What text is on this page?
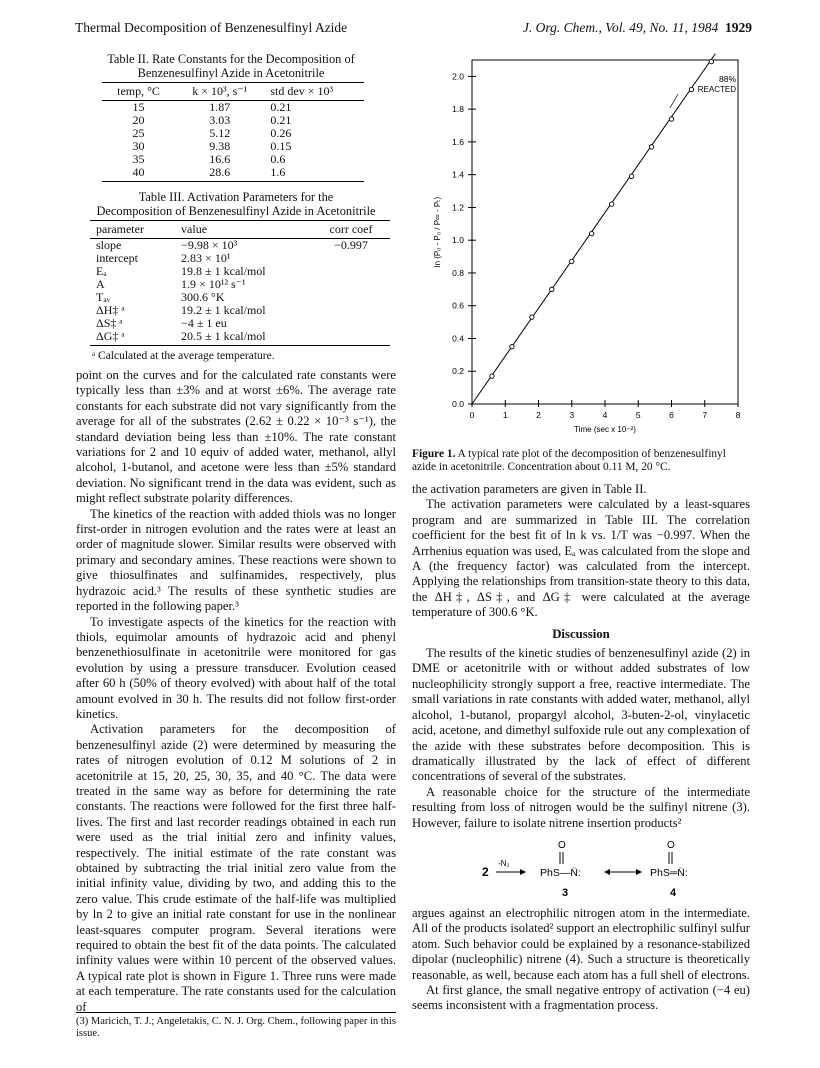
Thermal Decomposition of Benzenesulfinyl Azide	J. Org. Chem., Vol. 49, No. 11, 1984 1929
Table II. Rate Constants for the Decomposition of
Benzenesulfinyl Azide in Acetonitrile
temp, °C	k × 10³, s⁻¹	std dev × 10³
15	1.87	0.21
20	3.03	0.21
25	5.12	0.26
30	9.38	0.15
35	16.6	0.6
40	28.6	1.6
Table III. Activation Parameters for the
Decomposition of Benzenesulfinyl Azide in Acetonitrile
parameter	value	corr coef
slope	−9.98 × 10³	−0.997
intercept	2.83 × 10¹	
Eₐ	19.8 ± 1 kcal/mol	
A	1.9 × 10¹² s⁻¹	
Tₐᵥ	300.6 °K	
ΔH‡ ᵃ	19.2 ± 1 kcal/mol	
ΔS‡ ᵃ	−4 ± 1 eu	
ΔG‡ ᵃ	20.5 ± 1 kcal/mol	
ᵃ Calculated at the average temperature.

point on the curves and for the calculated rate constants were typically less than ±3% and at worst ±6%. The average rate constants for each substrate did not vary significantly from the average for all of the substrates (2.62 ± 0.22 × 10⁻³ s⁻¹), the standard deviation being less than ±10%. The rate constant variations for 2 and 10 equiv of added water, methanol, allyl alcohol, 1-butanol, and acetone were less than ±5% standard deviation. No significant trend in the data was evident, such as might reflect substrate polarity differences.

The kinetics of the reaction with added thiols was no longer first-order in nitrogen evolution and the rates were at least an order of magnitude slower. Similar results were observed with primary and secondary amines. These reactions were shown to give thiosulfinates and sulfinamides, respectively, plus hydrazoic acid.³ The results of these synthetic studies are reported in the following paper.³

To investigate aspects of the kinetics for the reaction with thiols, equimolar amounts of hydrazoic acid and phenyl benzenethiosulfinate in acetonitrile were monitored for gas evolution by using a pressure transducer. Evolution ceased after 60 h (50% of theory evolved) with about half of the total amount evolved in 30 h. The results did not follow first-order kinetics.

Activation parameters for the decomposition of benzenesulfinyl azide (2) were determined by measuring the rates of nitrogen evolution of 0.12 M solutions of 2 in acetonitrile at 15, 20, 25, 30, 35, and 40 °C. The data were treated in the same way as before for determining the rate constants. The reactions were followed for the first three half-lives. The first and last recorder readings obtained in each run were used as the trial initial zero and infinity values, respectively. The initial estimate of the rate constant was obtained by subtracting the trial initial zero value from the initial infinity value, dividing by two, and adding this to the zero value. This crude estimate of the half-life was multiplied by ln 2 to give an initial rate constant for use in the nonlinear least-squares computer program. Several iterations were required to obtain the best fit of the data points. The calculated infinity values were within 10 percent of the observed values. A typical rate plot is shown in Figure 1. Three runs were made at each temperature. The rate constants used for the calculation of

(3) Maricich, T. J.; Angeletakis, C. N. J. Org. Chem., following paper in this issue.
0.0
0.2
0.4
0.6
0.8
1.0
1.2
1.4
1.6
1.8
2.0
0	1	2	3	4	5	6	7	8
Time (sec x 10⁻²)
ln (Pₒ - P₀ / P∞ - Pₜ)
88%
REACTED
Figure 1. A typical rate plot of the decomposition of benzenesulfinyl azide in acetonitrile. Concentration about 0.11 M, 20 °C.

the activation parameters are given in Table II.

The activation parameters were calculated by a least-squares program and are summarized in Table III. The correlation coefficient for the best fit of ln k vs. 1/T was −0.997. When the Arrhenius equation was used, Eₐ was calculated from the slope and A (the frequency factor) was calculated from the intercept. Applying the relationships from transition-state theory to this data, the ΔH‡, ΔS‡, and ΔG‡ were calculated at the average temperature of 300.6 °K.

Discussion

The results of the kinetic studies of benzenesulfinyl azide (2) in DME or acetonitrile with or without added substrates of low nucleophilicity strongly support a free, reactive intermediate. The small variations in rate constants with added water, methanol, allyl alcohol, 1-butanol, propargyl alcohol, 3-buten-2-ol, vinylacetic acid, acetone, and dimethyl sulfoxide rule out any complexation of the azide with these substrates before decomposition. This is dramatically illustrated by the lack of effect of different concentrations of several of the substrates.

A reasonable choice for the structure of the intermediate resulting from loss of nitrogen would be the sulfinyl nitrene (3). However, failure to isolate nitrene insertion products²

2
-N₂
O
PhS—N̈:
O
PhS═N̈:
3	4

argues against an electrophilic nitrogen atom in the intermediate. All of the products isolated² support an electrophilic sulfinyl sulfur atom. Such behavior could be explained by a resonance-stabilized dipolar (nucleophilic) nitrene (4). Such a structure is theoretically reasonable, as well, because each atom has a full shell of electrons.

At first glance, the small negative entropy of activation (−4 eu) seems inconsistent with a fragmentation process.
